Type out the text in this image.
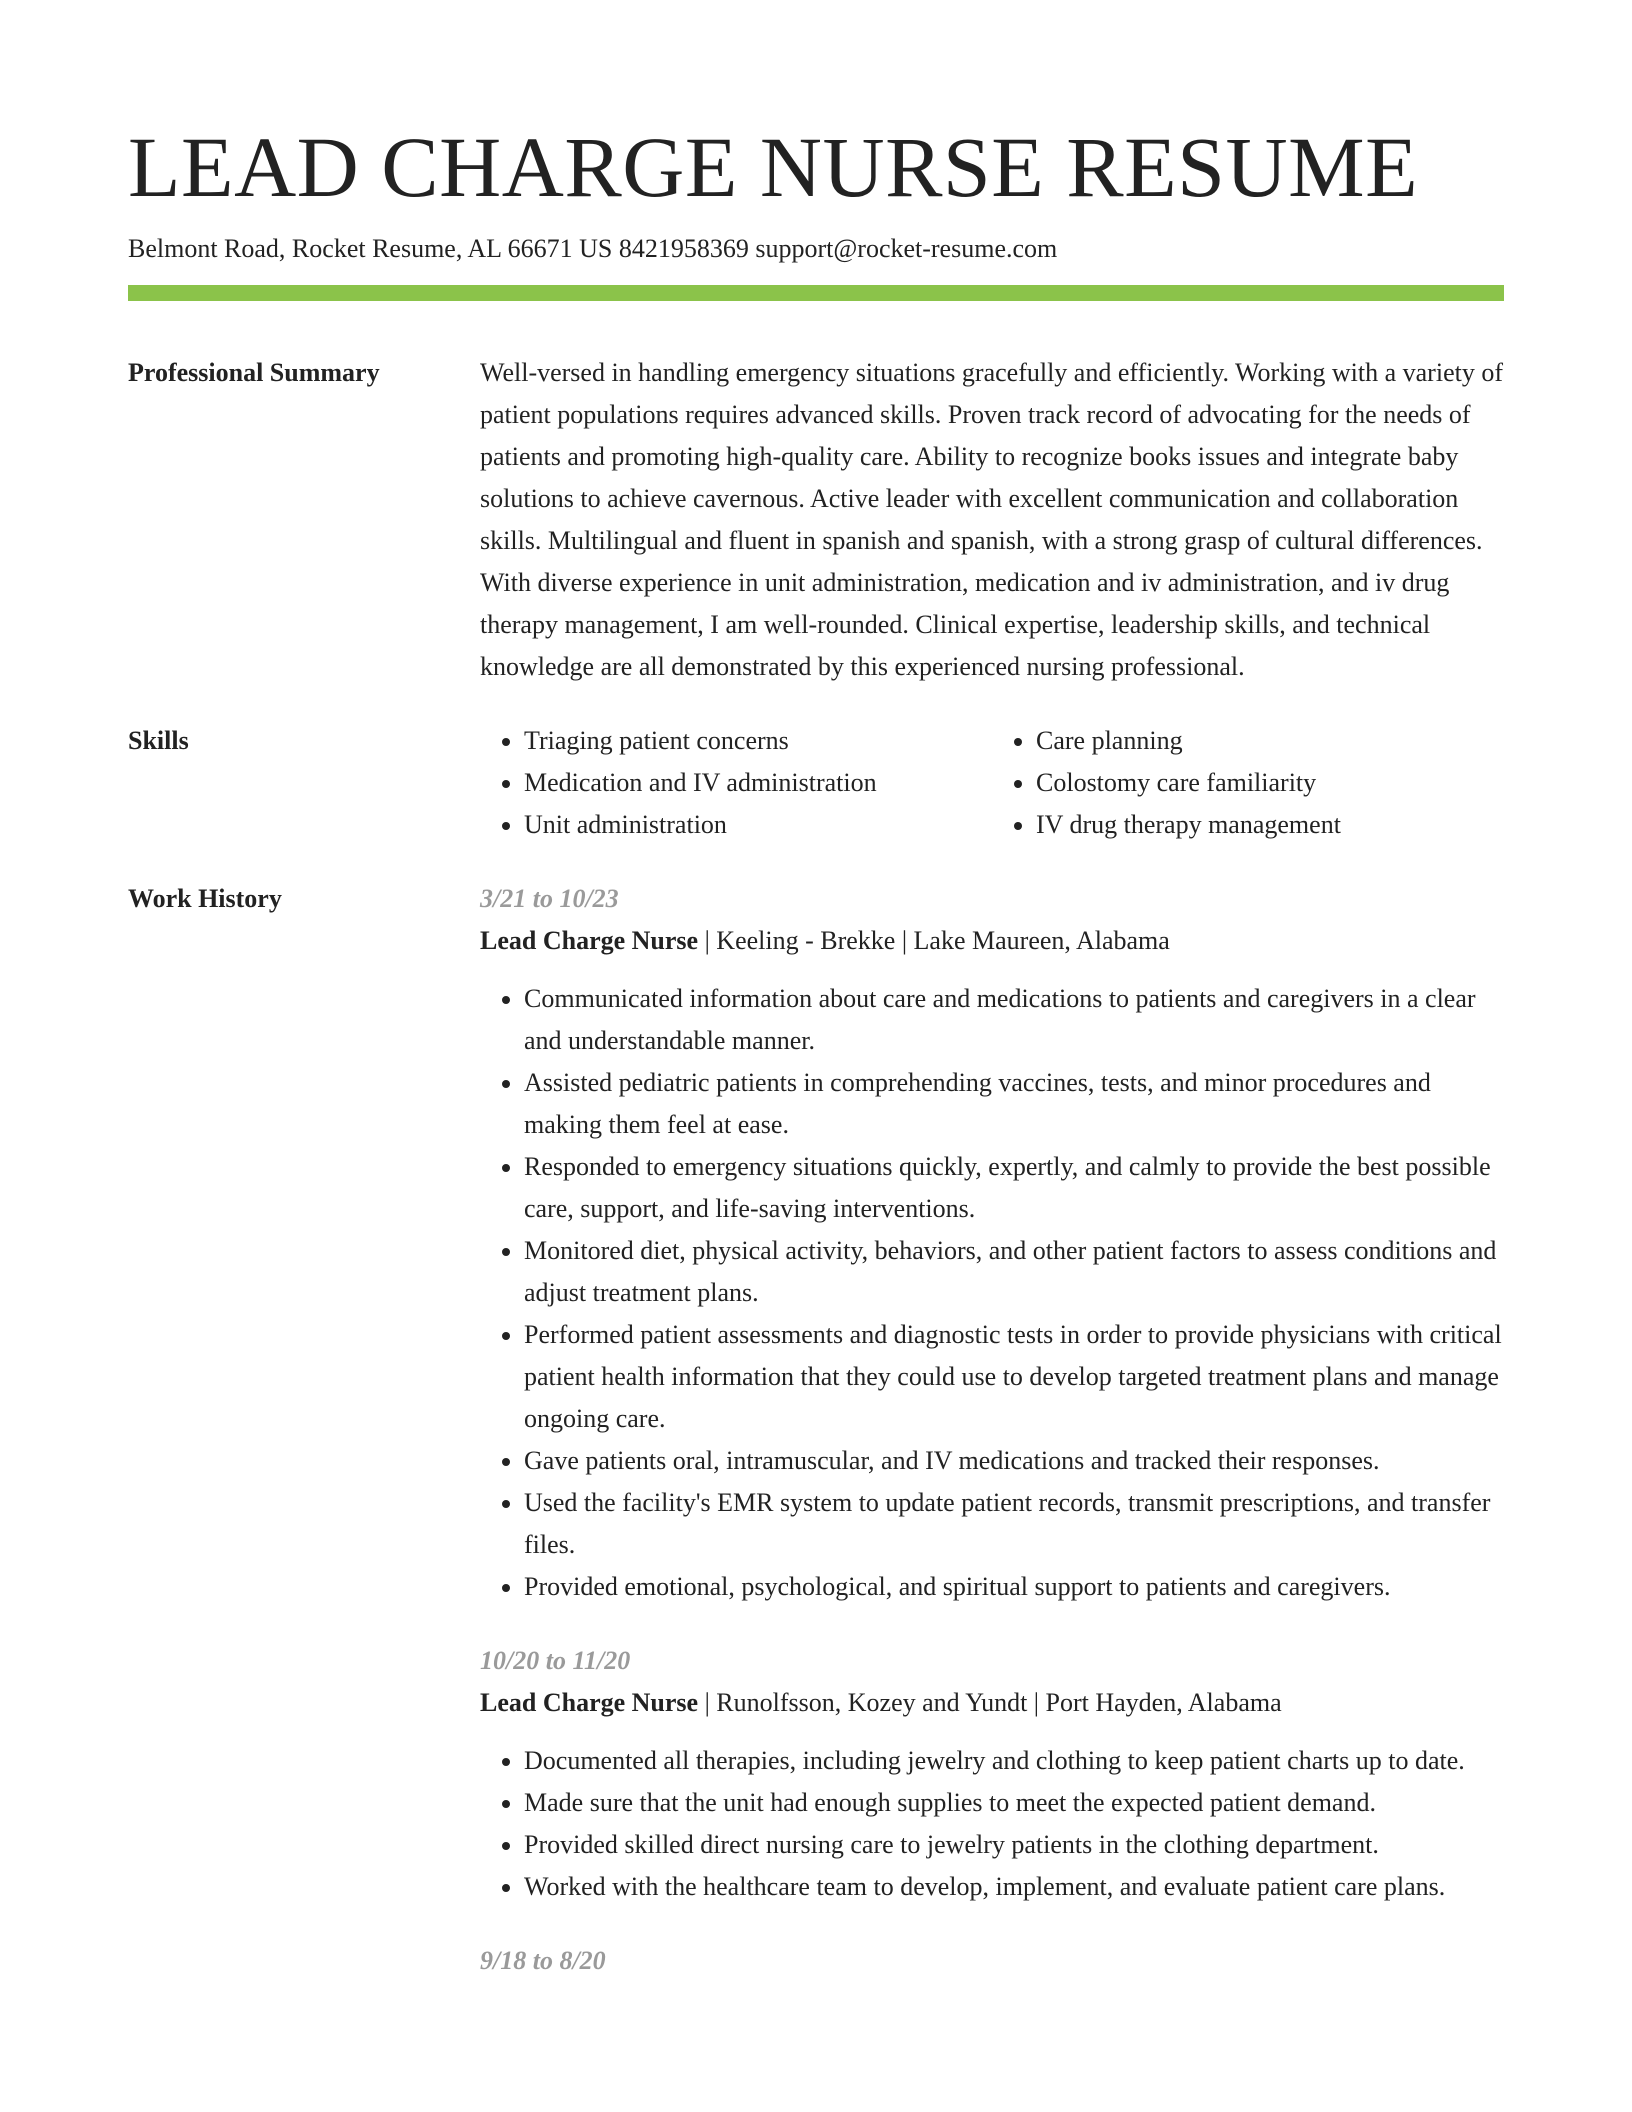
LEAD CHARGE NURSE RESUME
Belmont Road, Rocket Resume, AL 66671 US 8421958369 support@rocket-resume.com
Professional Summary	Well-versed in handling emergency situations gracefully and efficiently. Working with a variety of patient populations requires advanced skills. Proven track record of advocating for the needs of patients and promoting high-quality care. Ability to recognize books issues and integrate baby solutions to achieve cavernous. Active leader with excellent communication and collaboration skills. Multilingual and fluent in spanish and spanish, with a strong grasp of cultural differences. With diverse experience in unit administration, medication and iv administration, and iv drug therapy management, I am well-rounded. Clinical expertise, leadership skills, and technical knowledge are all demonstrated by this experienced nursing professional.

Skills
•	Triaging patient concerns
• Medication and IV administration
• Unit administration
• Care planning
• Colostomy care familiarity
• IV drug therapy management
Work History	3/21 to 10/23
Lead Charge Nurse | Keeling - Brekke | Lake Maureen, Alabama
• Communicated information about care and medications to patients and caregivers in a clear and understandable manner.
• Assisted pediatric patients in comprehending vaccines, tests, and minor procedures and making them feel at ease.
• Responded to emergency situations quickly, expertly, and calmly to provide the best possible care, support, and life-saving interventions.
• Monitored diet, physical activity, behaviors, and other patient factors to assess conditions and adjust treatment plans.
• Performed patient assessments and diagnostic tests in order to provide physicians with critical patient health information that they could use to develop targeted treatment plans and manage ongoing care.
• Gave patients oral, intramuscular, and IV medications and tracked their responses.
• Used the facility's EMR system to update patient records, transmit prescriptions, and transfer files.
• Provided emotional, psychological, and spiritual support to patients and caregivers.
10/20 to 11/20
Lead Charge Nurse | Runolfsson, Kozey and Yundt | Port Hayden, Alabama
• Documented all therapies, including jewelry and clothing to keep patient charts up to date.
• Made sure that the unit had enough supplies to meet the expected patient demand.
• Provided skilled direct nursing care to jewelry patients in the clothing department.
• Worked with the healthcare team to develop, implement, and evaluate patient care plans.
9/18 to 8/20
